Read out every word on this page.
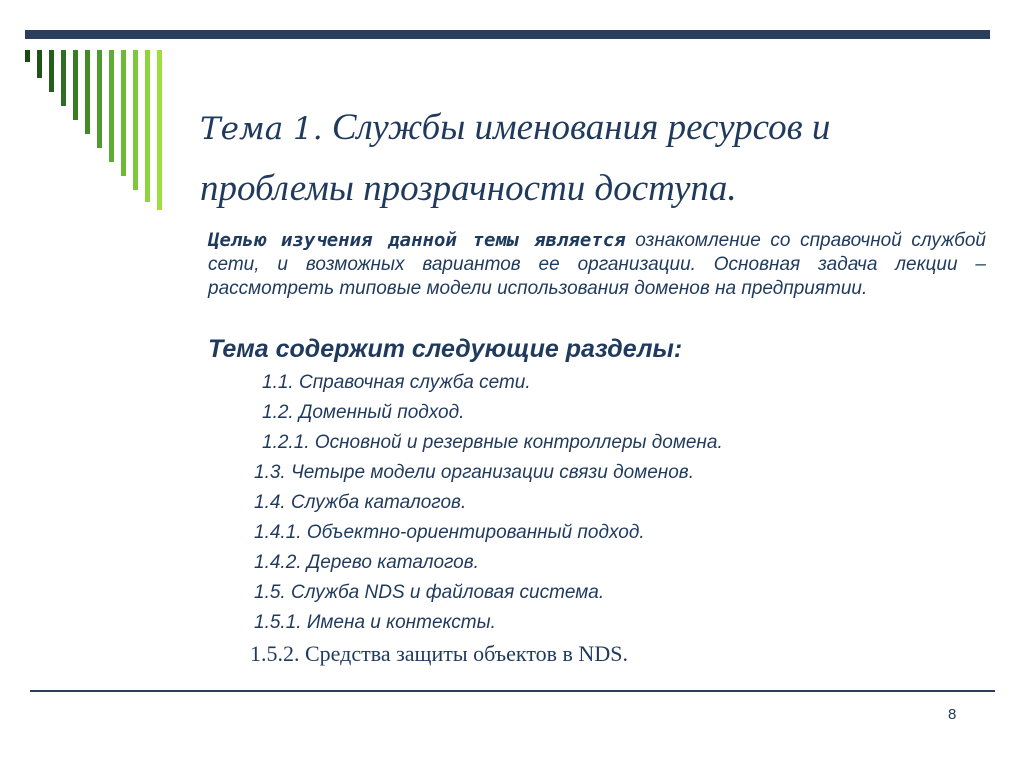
Тема 1. Службы именования ресурсов и проблемы прозрачности доступа.

Целью изучения данной темы является ознакомление со справочной службой сети, и возможных вариантов ее организации. Основная задача лекции – рассмотреть типовые модели использования доменов на предприятии.

Тема содержит следующие разделы:

1.1. Справочная служба сети.
1.2. Доменный подход.
1.2.1. Основной и резервные контроллеры домена.
1.3. Четыре модели организации связи доменов.
1.4. Служба каталогов.
1.4.1. Объектно-ориентированный подход.
1.4.2. Дерево каталогов.
1.5. Служба NDS и файловая система.
1.5.1. Имена и контексты.
1.5.2. Средства защиты объектов в NDS.
8
